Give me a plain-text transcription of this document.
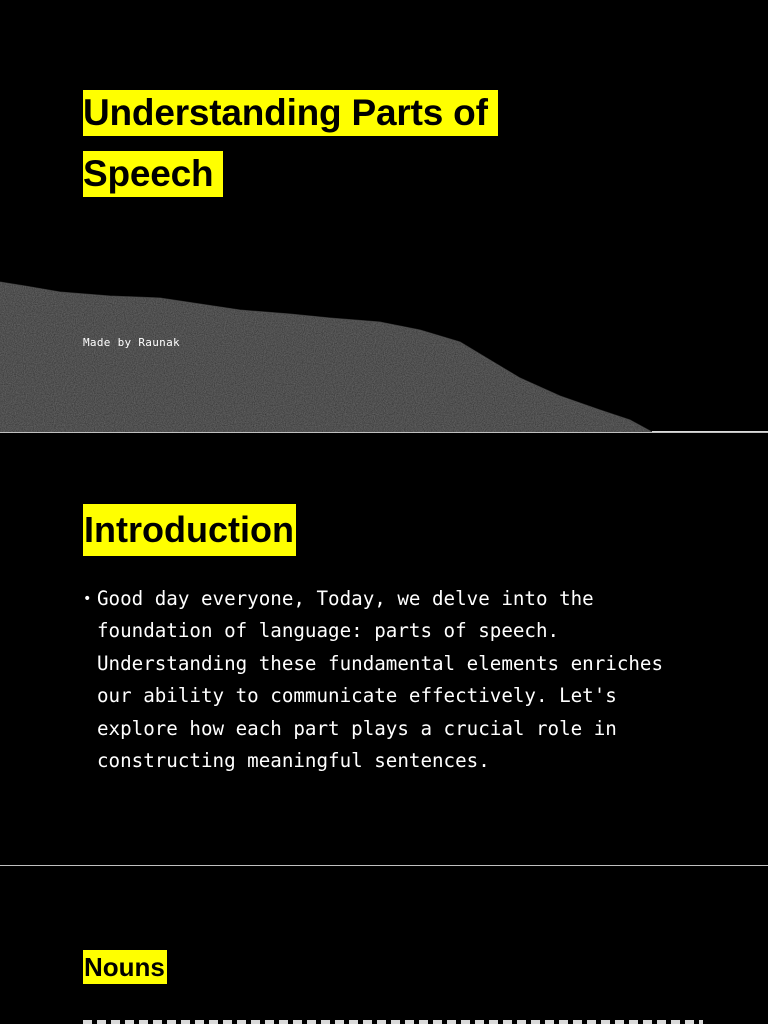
Understanding Parts of Speech
Made by Raunak
Introduction
• Good day everyone, Today, we delve into the foundation of language: parts of speech. Understanding these fundamental elements enriches our ability to communicate effectively. Let's explore how each part plays a crucial role in constructing meaningful sentences.
Nouns
